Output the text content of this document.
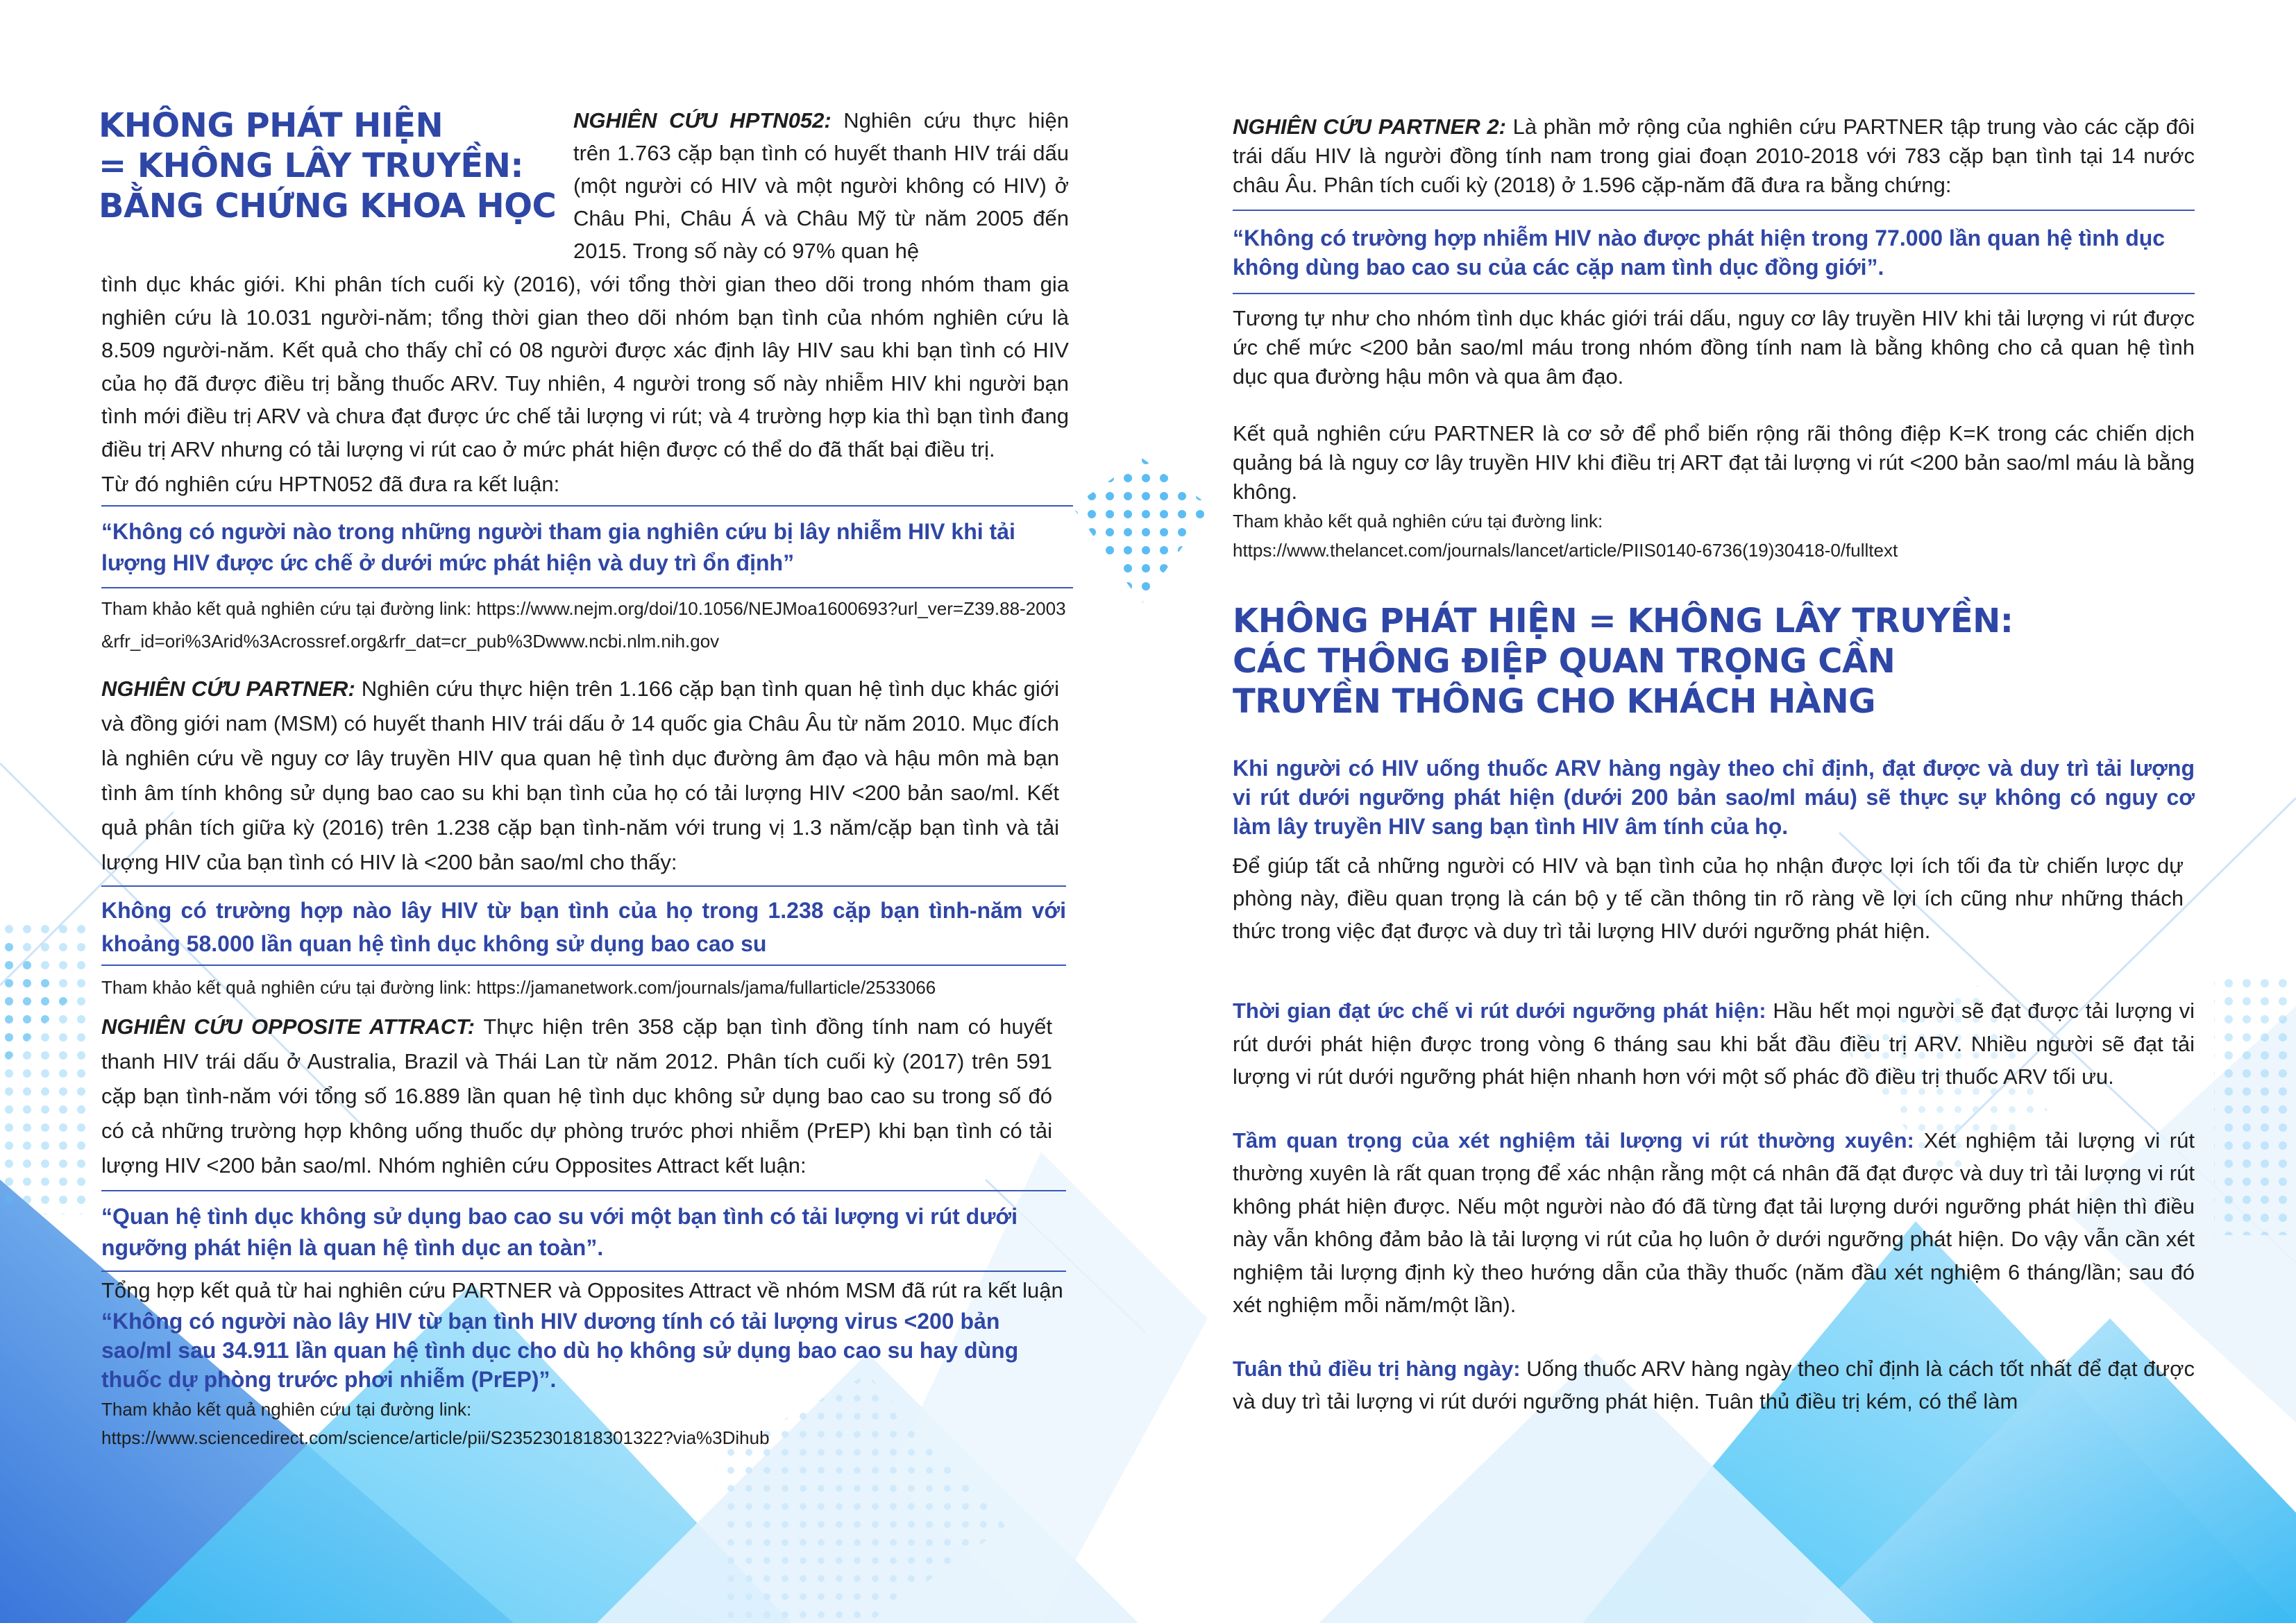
KHÔNG PHÁT HIỆN
= KHÔNG LÂY TRUYỀN:
BẰNG CHỨNG KHOA HỌC

NGHIÊN CỨU HPTN052: Nghiên cứu thực hiện trên 1.763 cặp bạn tình có huyết thanh HIV trái dấu (một người có HIV và một người không có HIV) ở Châu Phi, Châu Á và Châu Mỹ từ năm 2005 đến 2015. Trong số này có 97% quan hệ

tình dục khác giới. Khi phân tích cuối kỳ (2016), với tổng thời gian theo dõi trong nhóm tham gia nghiên cứu là 10.031 người-năm; tổng thời gian theo dõi nhóm bạn tình của nhóm nghiên cứu là 8.509 người-năm. Kết quả cho thấy chỉ có 08 người được xác định lây HIV sau khi bạn tình có HIV của họ đã được điều trị bằng thuốc ARV. Tuy nhiên, 4 người trong số này nhiễm HIV khi người bạn tình mới điều trị ARV và chưa đạt được ức chế tải lượng vi rút; và 4 trường hợp kia thì bạn tình đang điều trị ARV nhưng có tải lượng vi rút cao ở mức phát hiện được có thể do đã thất bại điều trị.

Từ đó nghiên cứu HPTN052 đã đưa ra kết luận:

“Không có người nào trong những người tham gia nghiên cứu bị lây nhiễm HIV khi tải lượng HIV được ức chế ở dưới mức phát hiện và duy trì ổn định”

Tham khảo kết quả nghiên cứu tại đường link: https://www.nejm.org/doi/10.1056/NEJMoa1600693?url_ver=Z39.88-2003&rfr_id=ori%3Arid%3Acrossref.org&rfr_dat=cr_pub%3Dwww.ncbi.nlm.nih.gov

NGHIÊN CỨU PARTNER: Nghiên cứu thực hiện trên 1.166 cặp bạn tình quan hệ tình dục khác giới và đồng giới nam (MSM) có huyết thanh HIV trái dấu ở 14 quốc gia Châu Âu từ năm 2010. Mục đích là nghiên cứu về nguy cơ lây truyền HIV qua quan hệ tình dục đường âm đạo và hậu môn mà bạn tình âm tính không sử dụng bao cao su khi bạn tình của họ có tải lượng HIV <200 bản sao/ml. Kết quả phân tích giữa kỳ (2016) trên 1.238 cặp bạn tình-năm với trung vị 1.3 năm/cặp bạn tình và tải lượng HIV của bạn tình có HIV là <200 bản sao/ml cho thấy:

Không có trường hợp nào lây HIV từ bạn tình của họ trong 1.238 cặp bạn tình-năm với khoảng 58.000 lần quan hệ tình dục không sử dụng bao cao su

Tham khảo kết quả nghiên cứu tại đường link: https://jamanetwork.com/journals/jama/fullarticle/2533066

NGHIÊN CỨU OPPOSITE ATTRACT: Thực hiện trên 358 cặp bạn tình đồng tính nam có huyết thanh HIV trái dấu ở Australia, Brazil và Thái Lan từ năm 2012. Phân tích cuối kỳ (2017) trên 591 cặp bạn tình-năm với tổng số 16.889 lần quan hệ tình dục không sử dụng bao cao su trong số đó có cả những trường hợp không uống thuốc dự phòng trước phơi nhiễm (PrEP) khi bạn tình có tải lượng HIV <200 bản sao/ml. Nhóm nghiên cứu Opposites Attract kết luận:

“Quan hệ tình dục không sử dụng bao cao su với một bạn tình có tải lượng vi rút dưới ngưỡng phát hiện là quan hệ tình dục an toàn”.

Tổng hợp kết quả từ hai nghiên cứu PARTNER và Opposites Attract về nhóm MSM đã rút ra kết luận

“Không có người nào lây HIV từ bạn tình HIV dương tính có tải lượng virus <200 bản sao/ml sau 34.911 lần quan hệ tình dục cho dù họ không sử dụng bao cao su hay dùng thuốc dự phòng trước phơi nhiễm (PrEP)”.

Tham khảo kết quả nghiên cứu tại đường link:

https://www.sciencedirect.com/science/article/pii/S2352301818301322?via%3Dihub

NGHIÊN CỨU PARTNER 2: Là phần mở rộng của nghiên cứu PARTNER tập trung vào các cặp đôi trái dấu HIV là người đồng tính nam trong giai đoạn 2010-2018 với 783 cặp bạn tình tại 14 nước châu Âu. Phân tích cuối kỳ (2018) ở 1.596 cặp-năm đã đưa ra bằng chứng:

“Không có trường hợp nhiễm HIV nào được phát hiện trong 77.000 lần quan hệ tình dục không dùng bao cao su của các cặp nam tình dục đồng giới”.

Tương tự như cho nhóm tình dục khác giới trái dấu, nguy cơ lây truyền HIV khi tải lượng vi rút được ức chế mức <200 bản sao/ml máu trong nhóm đồng tính nam là bằng không cho cả quan hệ tình dục qua đường hậu môn và qua âm đạo.

Kết quả nghiên cứu PARTNER là cơ sở để phổ biến rộng rãi thông điệp K=K trong các chiến dịch quảng bá là nguy cơ lây truyền HIV khi điều trị ART đạt tải lượng vi rút <200 bản sao/ml máu là bằng không.

Tham khảo kết quả nghiên cứu tại đường link:

https://www.thelancet.com/journals/lancet/article/PIIS0140-6736(19)30418-0/fulltext

KHÔNG PHÁT HIỆN = KHÔNG LÂY TRUYỀN:
CÁC THÔNG ĐIỆP QUAN TRỌNG CẦN
TRUYỀN THÔNG CHO KHÁCH HÀNG

Khi người có HIV uống thuốc ARV hàng ngày theo chỉ định, đạt được và duy trì tải lượng vi rút dưới ngưỡng phát hiện (dưới 200 bản sao/ml máu) sẽ thực sự không có nguy cơ làm lây truyền HIV sang bạn tình HIV âm tính của họ.

Để giúp tất cả những người có HIV và bạn tình của họ nhận được lợi ích tối đa từ chiến lược dự phòng này, điều quan trọng là cán bộ y tế cần thông tin rõ ràng về lợi ích cũng như những thách thức trong việc đạt được và duy trì tải lượng HIV dưới ngưỡng phát hiện.

Thời gian đạt ức chế vi rút dưới ngưỡng phát hiện: Hầu hết mọi người sẽ đạt được tải lượng vi rút dưới phát hiện được trong vòng 6 tháng sau khi bắt đầu điều trị ARV. Nhiều người sẽ đạt tải lượng vi rút dưới ngưỡng phát hiện nhanh hơn với một số phác đồ điều trị thuốc ARV tối ưu.

Tầm quan trọng của xét nghiệm tải lượng vi rút thường xuyên: Xét nghiệm tải lượng vi rút thường xuyên là rất quan trọng để xác nhận rằng một cá nhân đã đạt được và duy trì tải lượng vi rút không phát hiện được. Nếu một người nào đó đã từng đạt tải lượng dưới ngưỡng phát hiện thì điều này vẫn không đảm bảo là tải lượng vi rút của họ luôn ở dưới ngưỡng phát hiện. Do vậy vẫn cần xét nghiệm tải lượng định kỳ theo hướng dẫn của thầy thuốc (năm đầu xét nghiệm 6 tháng/lần; sau đó xét nghiệm mỗi năm/một lần).

Tuân thủ điều trị hàng ngày: Uống thuốc ARV hàng ngày theo chỉ định là cách tốt nhất để đạt được và duy trì tải lượng vi rút dưới ngưỡng phát hiện. Tuân thủ điều trị kém, có thể làm
